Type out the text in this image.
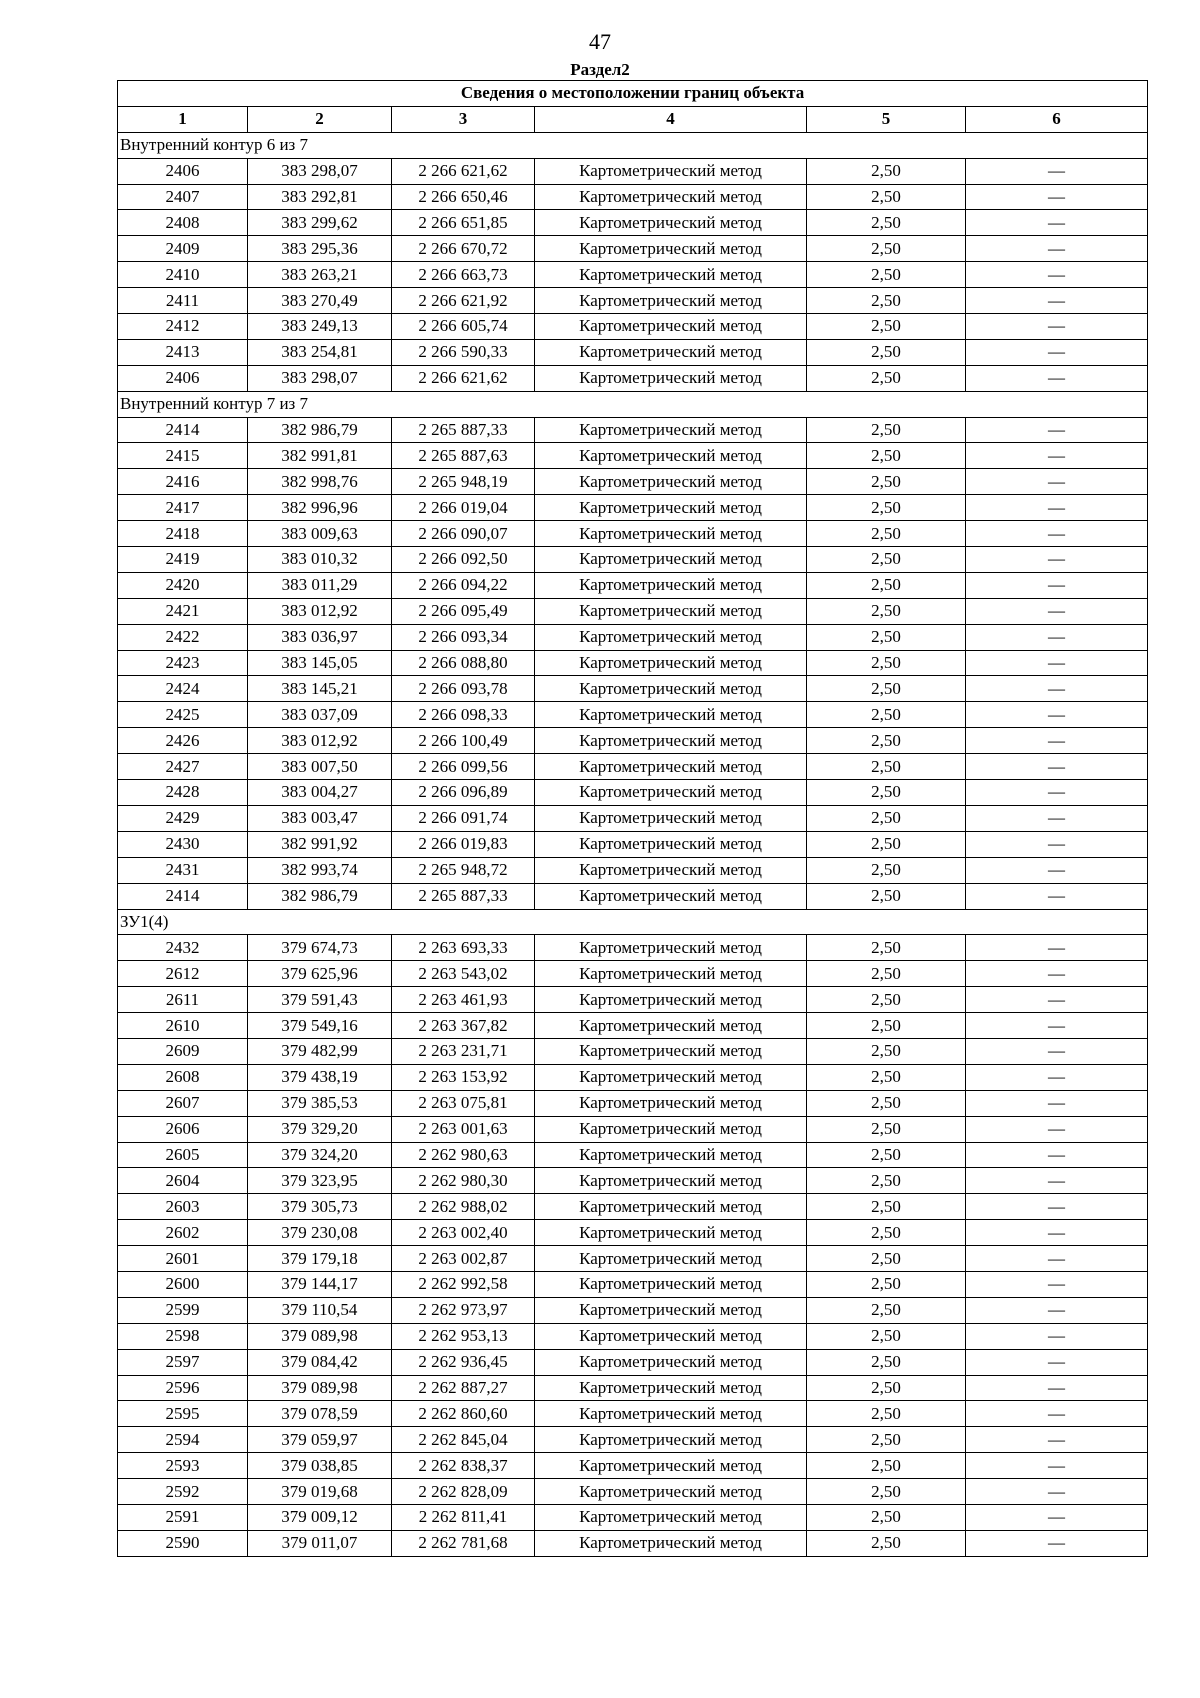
47
Раздел2
Сведения о местоположении границ объекта					
1	2	3	4	5	6
Внутренний контур 6 из 7					
2406	383 298,07	2 266 621,62	Картометрический метод	2,50	—
2407	383 292,81	2 266 650,46	Картометрический метод	2,50	—
2408	383 299,62	2 266 651,85	Картометрический метод	2,50	—
2409	383 295,36	2 266 670,72	Картометрический метод	2,50	—
2410	383 263,21	2 266 663,73	Картометрический метод	2,50	—
2411	383 270,49	2 266 621,92	Картометрический метод	2,50	—
2412	383 249,13	2 266 605,74	Картометрический метод	2,50	—
2413	383 254,81	2 266 590,33	Картометрический метод	2,50	—
2406	383 298,07	2 266 621,62	Картометрический метод	2,50	—
Внутренний контур 7 из 7					
2414	382 986,79	2 265 887,33	Картометрический метод	2,50	—
2415	382 991,81	2 265 887,63	Картометрический метод	2,50	—
2416	382 998,76	2 265 948,19	Картометрический метод	2,50	—
2417	382 996,96	2 266 019,04	Картометрический метод	2,50	—
2418	383 009,63	2 266 090,07	Картометрический метод	2,50	—
2419	383 010,32	2 266 092,50	Картометрический метод	2,50	—
2420	383 011,29	2 266 094,22	Картометрический метод	2,50	—
2421	383 012,92	2 266 095,49	Картометрический метод	2,50	—
2422	383 036,97	2 266 093,34	Картометрический метод	2,50	—
2423	383 145,05	2 266 088,80	Картометрический метод	2,50	—
2424	383 145,21	2 266 093,78	Картометрический метод	2,50	—
2425	383 037,09	2 266 098,33	Картометрический метод	2,50	—
2426	383 012,92	2 266 100,49	Картометрический метод	2,50	—
2427	383 007,50	2 266 099,56	Картометрический метод	2,50	—
2428	383 004,27	2 266 096,89	Картометрический метод	2,50	—
2429	383 003,47	2 266 091,74	Картометрический метод	2,50	—
2430	382 991,92	2 266 019,83	Картометрический метод	2,50	—
2431	382 993,74	2 265 948,72	Картометрический метод	2,50	—
2414	382 986,79	2 265 887,33	Картометрический метод	2,50	—
ЗУ1(4)					
2432	379 674,73	2 263 693,33	Картометрический метод	2,50	—
2612	379 625,96	2 263 543,02	Картометрический метод	2,50	—
2611	379 591,43	2 263 461,93	Картометрический метод	2,50	—
2610	379 549,16	2 263 367,82	Картометрический метод	2,50	—
2609	379 482,99	2 263 231,71	Картометрический метод	2,50	—
2608	379 438,19	2 263 153,92	Картометрический метод	2,50	—
2607	379 385,53	2 263 075,81	Картометрический метод	2,50	—
2606	379 329,20	2 263 001,63	Картометрический метод	2,50	—
2605	379 324,20	2 262 980,63	Картометрический метод	2,50	—
2604	379 323,95	2 262 980,30	Картометрический метод	2,50	—
2603	379 305,73	2 262 988,02	Картометрический метод	2,50	—
2602	379 230,08	2 263 002,40	Картометрический метод	2,50	—
2601	379 179,18	2 263 002,87	Картометрический метод	2,50	—
2600	379 144,17	2 262 992,58	Картометрический метод	2,50	—
2599	379 110,54	2 262 973,97	Картометрический метод	2,50	—
2598	379 089,98	2 262 953,13	Картометрический метод	2,50	—
2597	379 084,42	2 262 936,45	Картометрический метод	2,50	—
2596	379 089,98	2 262 887,27	Картометрический метод	2,50	—
2595	379 078,59	2 262 860,60	Картометрический метод	2,50	—
2594	379 059,97	2 262 845,04	Картометрический метод	2,50	—
2593	379 038,85	2 262 838,37	Картометрический метод	2,50	—
2592	379 019,68	2 262 828,09	Картометрический метод	2,50	—
2591	379 009,12	2 262 811,41	Картометрический метод	2,50	—
2590	379 011,07	2 262 781,68	Картометрический метод	2,50	—
